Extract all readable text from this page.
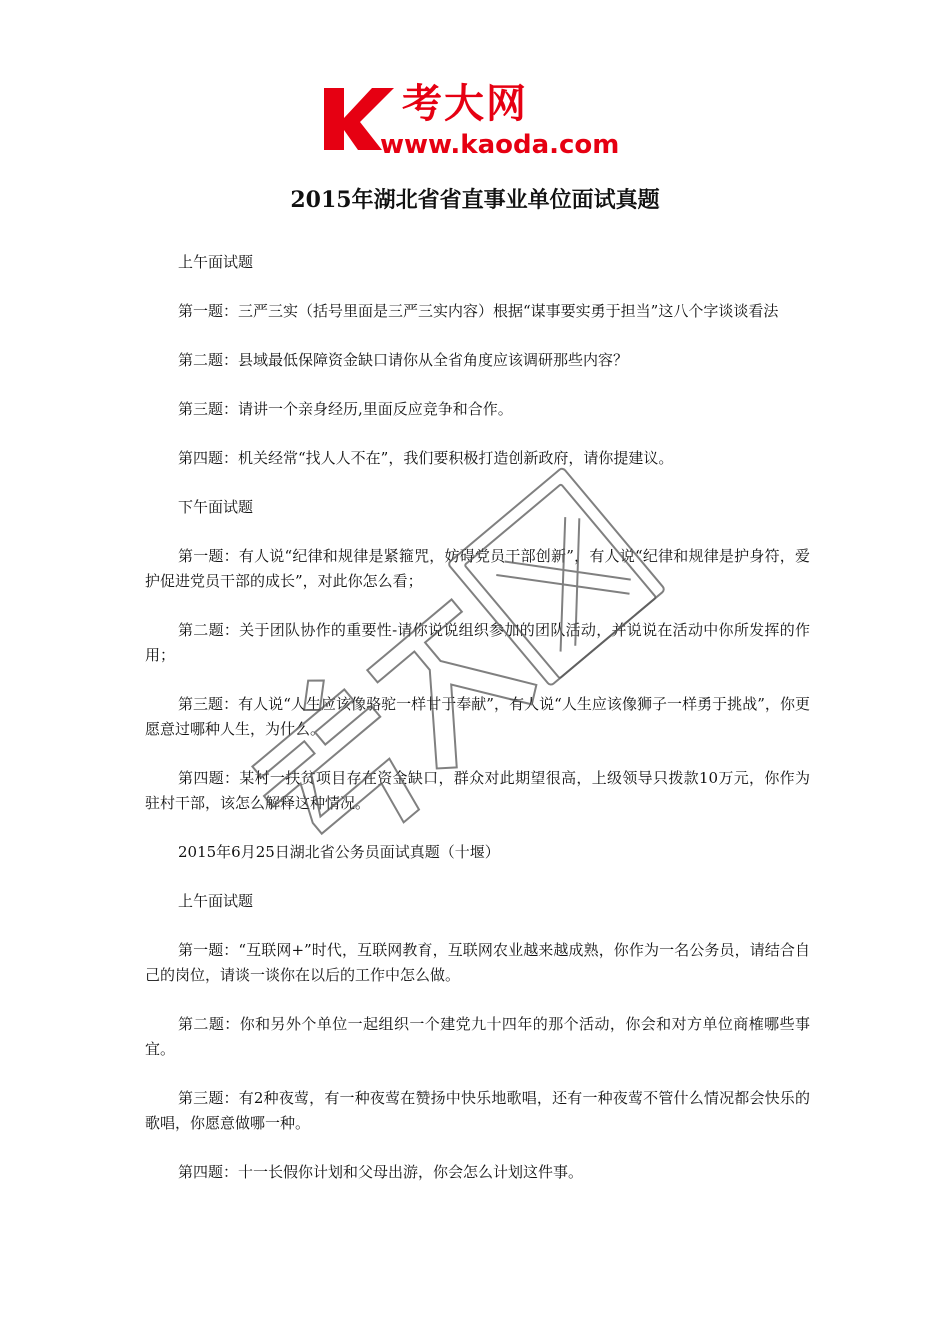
考大网
www.kaoda.com
2015年湖北省省直事业单位面试真题

上午面试题

第一题：三严三实（括号里面是三严三实内容）根据“谋事要实勇于担当”这八个字谈谈看法

第二题：县域最低保障资金缺口请你从全省角度应该调研那些内容？

第三题：请讲一个亲身经历,里面反应竞争和合作。

第四题：机关经常“找人人不在”，我们要积极打造创新政府，请你提建议。

下午面试题

第一题：有人说“纪律和规律是紧箍咒，妨碍党员干部创新”，有人说“纪律和规律是护身符，爱护促进党员干部的成长”，对此你怎么看；

第二题：关于团队协作的重要性-请你说说组织参加的团队活动，并说说在活动中你所发挥的作用；

第三题：有人说“人生应该像骆驼一样甘于奉献”，有人说“人生应该像狮子一样勇于挑战”，你更愿意过哪种人生，为什么。

第四题：某村一扶贫项目存在资金缺口，群众对此期望很高，上级领导只拨款10万元，你作为驻村干部，该怎么解释这种情况。

2015年6月25日湖北省公务员面试真题（十堰）

上午面试题

第一题：“互联网+”时代，互联网教育，互联网农业越来越成熟，你作为一名公务员，请结合自己的岗位，请谈一谈你在以后的工作中怎么做。

第二题：你和另外个单位一起组织一个建党九十四年的那个活动，你会和对方单位商榷哪些事宜。

第三题：有2种夜莺，有一种夜莺在赞扬中快乐地歌唱，还有一种夜莺不管什么情况都会快乐的歌唱，你愿意做哪一种。

第四题：十一长假你计划和父母出游，你会怎么计划这件事。
